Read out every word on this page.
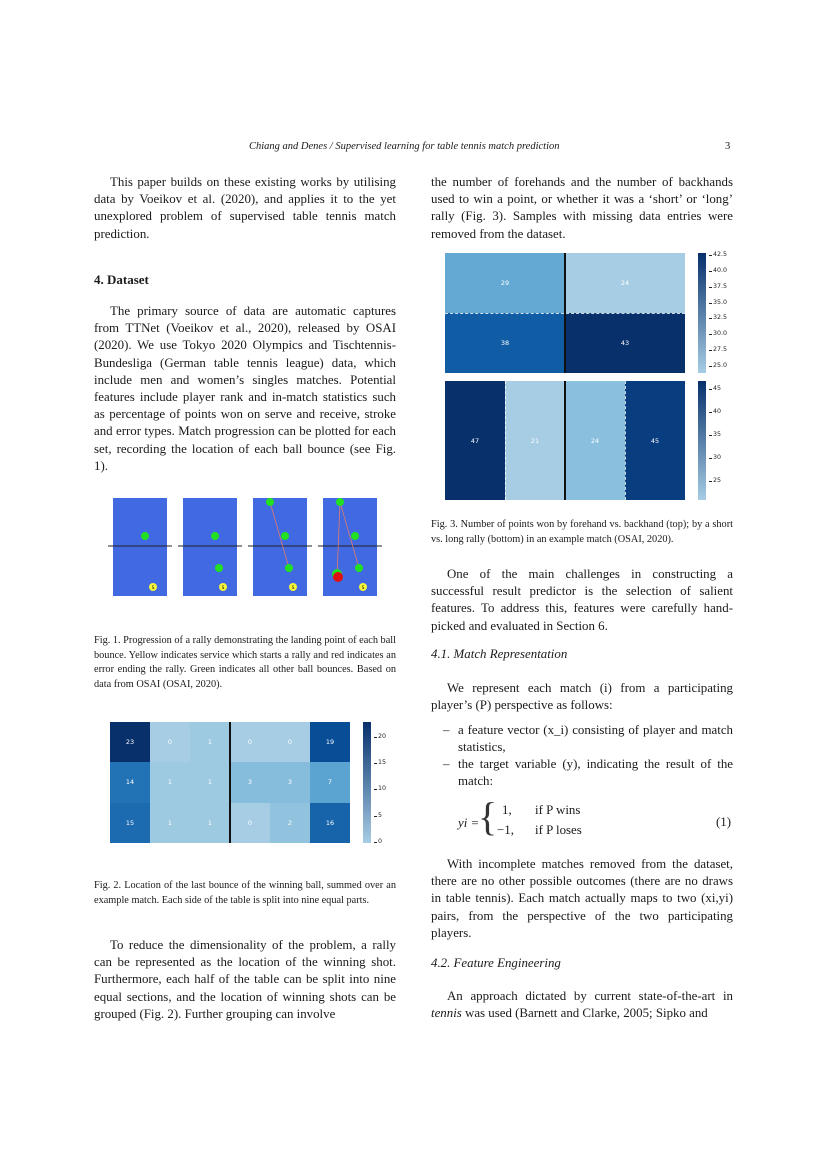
Chiang and Denes / Supervised learning for table tennis match prediction	3

This paper builds on these existing works by utilising data by Voeikov et al. (2020), and applies it to the yet unexplored problem of supervised table tennis match prediction.

4. Dataset

The primary source of data are automatic captures from TTNet (Voeikov et al., 2020), released by OSAI (2020). We use Tokyo 2020 Olympics and Tischtennis-Bundesliga (German table tennis league) data, which include men and women’s singles matches. Potential features include player rank and in-match statistics such as percentage of points won on serve and receive, stroke and error types. Match progression can be plotted for each set, recording the location of each ball bounce (see Fig. 1).

S	S	S	S
Fig. 1. Progression of a rally demonstrating the landing point of each ball bounce. Yellow indicates service which starts a rally and red indicates an error ending the rally. Green indicates all other ball bounces. Based on data from OSAI (OSAI, 2020).
23	0	1	0	0	19
14	1	1	3	3	7
15	1	1	0	2	16
20
15
10
5
0
Fig. 2. Location of the last bounce of the winning ball, summed over an example match. Each side of the table is split into nine equal parts.

To reduce the dimensionality of the problem, a rally can be represented as the location of the winning shot. Furthermore, each half of the table can be split into nine equal sections, and the location of winning shots can be grouped (Fig. 2). Further grouping can involve

the number of forehands and the number of backhands used to win a point, or whether it was a ‘short’ or ‘long’ rally (Fig. 3). Samples with missing data entries were removed from the dataset.

29	24
38	43
42.5
40.0
37.5
35.0
32.5
30.0
27.5
25.0
47	21	24	45
45
40
35
30
25
Fig. 3. Number of points won by forehand vs. backhand (top); by a short vs. long rally (bottom) in an example match (OSAI, 2020).

One of the main challenges in constructing a successful result predictor is the selection of salient features. To address this, features were carefully hand-picked and evaluated in Section 6.

4.1. Match Representation

We represent each match (i) from a participating player’s (P) perspective as follows:

– a feature vector (x_i) consisting of player and match statistics,
– the target variable (y), indicating the result of the match:
yi =
{ 1, if P wins
−1, if P loses
(1)

With incomplete matches removed from the dataset, there are no other possible outcomes (there are no draws in table tennis). Each match actually maps to two (xi,yi) pairs, from the perspective of the two participating players.

4.2. Feature Engineering

An approach dictated by current state-of-the-art in tennis was used (Barnett and Clarke, 2005; Sipko and
